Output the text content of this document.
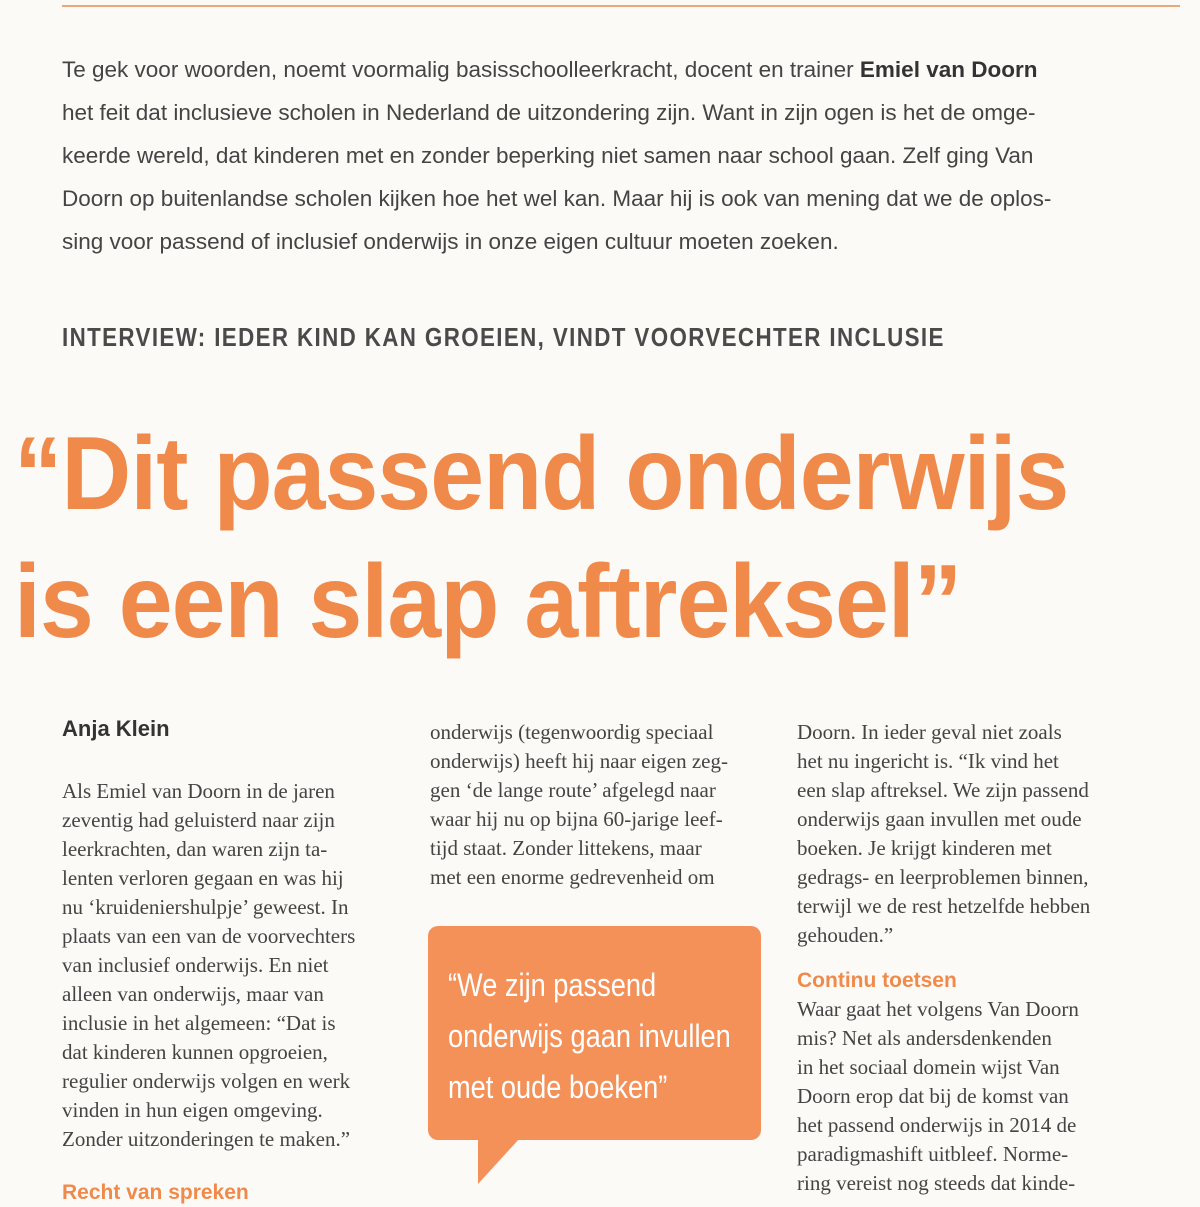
Te gek voor woorden, noemt voormalig basisschoolleerkracht, docent en trainer Emiel van Doorn

het feit dat inclusieve scholen in Nederland de uitzondering zijn. Want in zijn ogen is het de omge-

keerde wereld, dat kinderen met en zonder beperking niet samen naar school gaan. Zelf ging Van

Doorn op buitenlandse scholen kijken hoe het wel kan. Maar hij is ook van mening dat we de oplos-

sing voor passend of inclusief onderwijs in onze eigen cultuur moeten zoeken.

INTERVIEW: IEDER KIND KAN GROEIEN, VINDT VOORVECHTER INCLUSIE
“Dit passend onderwijs
is een slap aftreksel”
Anja Klein

Als Emiel van Doorn in de jaren

zeventig had geluisterd naar zijn

leerkrachten, dan waren zijn ta-

lenten verloren gegaan en was hij

nu ‘kruideniershulpje’ geweest. In

plaats van een van de voorvechters

van inclusief onderwijs. En niet

alleen van onderwijs, maar van

inclusie in het algemeen: “Dat is

dat kinderen kunnen opgroeien,

regulier onderwijs volgen en werk

vinden in hun eigen omgeving.

Zonder uitzonderingen te maken.”

Recht van spreken

onderwijs (tegenwoordig speciaal

onderwijs) heeft hij naar eigen zeg-

gen ‘de lange route’ afgelegd naar

waar hij nu op bijna 60-jarige leef-

tijd staat. Zonder littekens, maar

met een enorme gedrevenheid om

“We zijn passend
onderwijs gaan invullen
met oude boeken”

Doorn. In ieder geval niet zoals

het nu ingericht is. “Ik vind het

een slap aftreksel. We zijn passend

onderwijs gaan invullen met oude

boeken. Je krijgt kinderen met

gedrags- en leerproblemen binnen,

terwijl we de rest hetzelfde hebben

gehouden.”

Continu toetsen

Waar gaat het volgens Van Doorn

mis? Net als andersdenkenden

in het sociaal domein wijst Van

Doorn erop dat bij de komst van

het passend onderwijs in 2014 de

paradigmashift uitbleef. Norme-

ring vereist nog steeds dat kinde-
